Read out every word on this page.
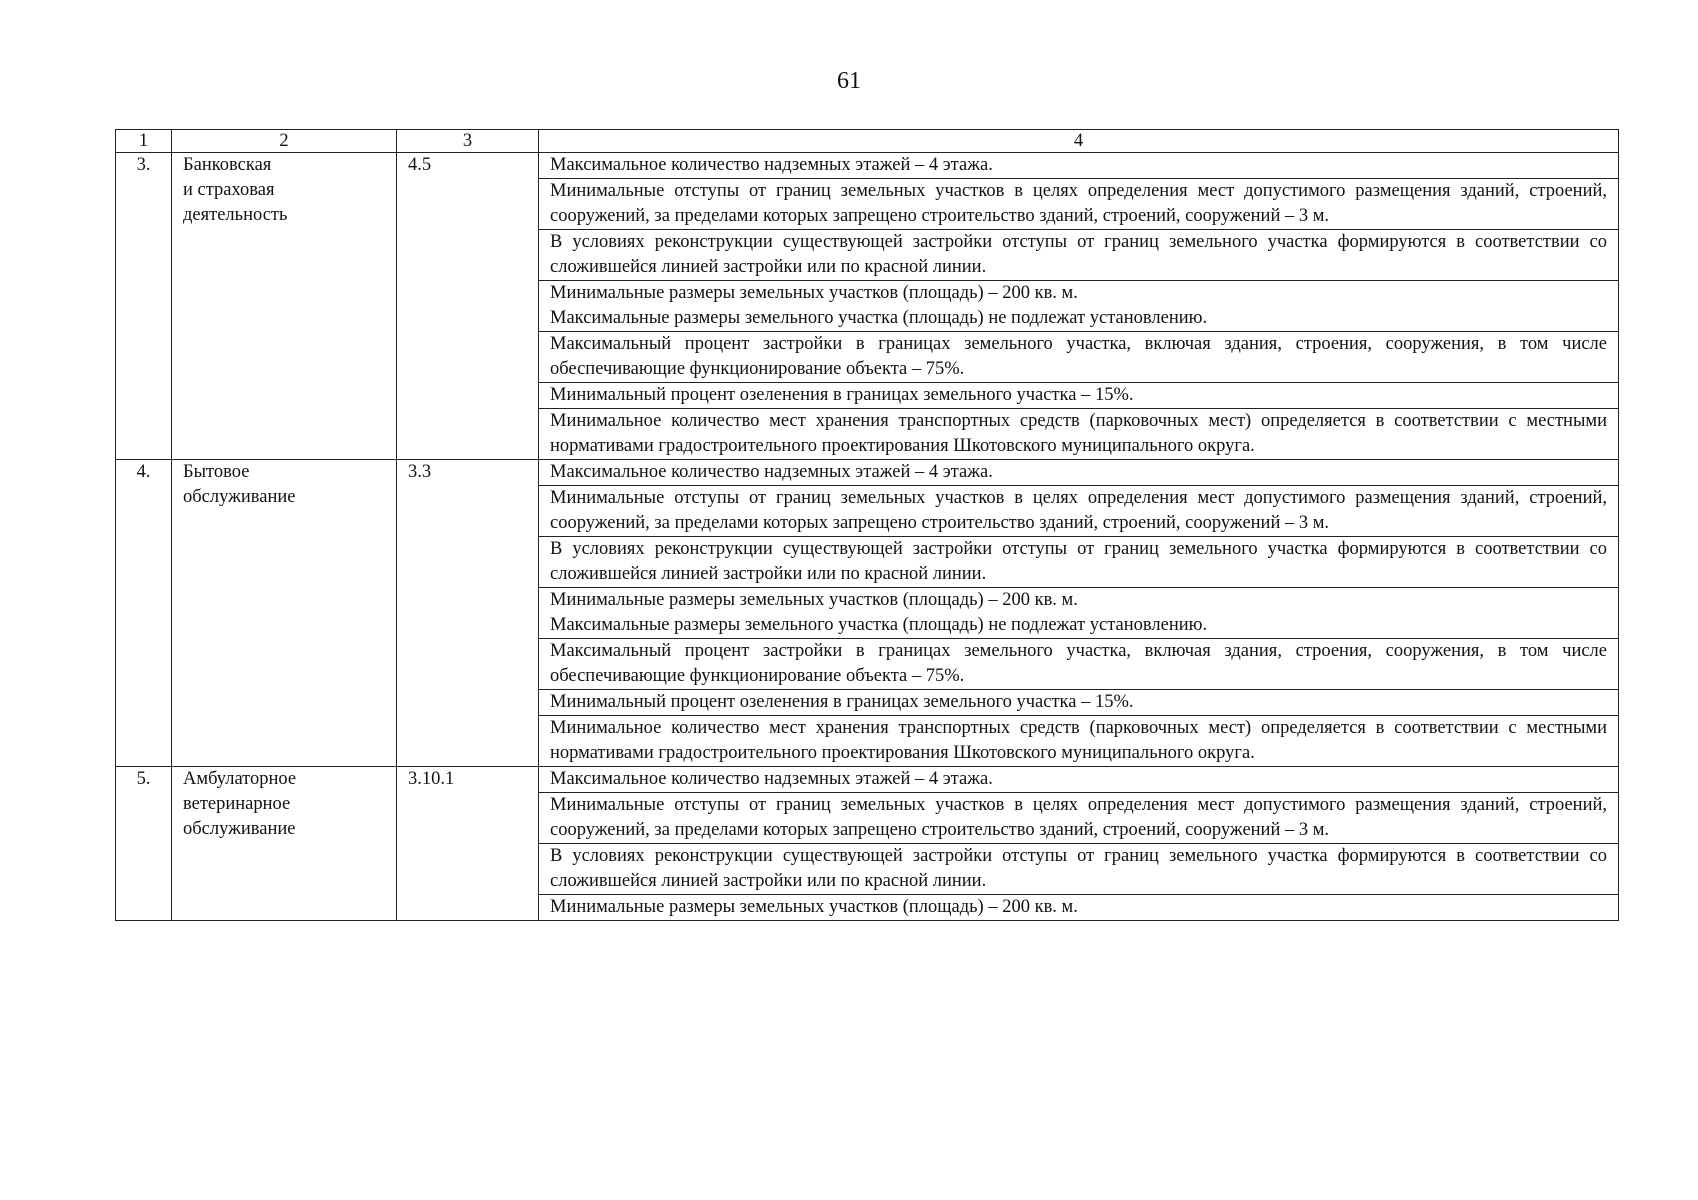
61
1	2	3	4
3.	Банковская
и страховая
деятельность	4.5	Максимальное количество надземных этажей – 4 этажа.

			Минимальные отступы от границ земельных участков в целях определения мест допустимого размещения зданий, строений, сооружений, за пределами которых запрещено строительство зданий, строений, сооружений – 3 м.

			В условиях реконструкции существующей застройки отступы от границ земельного участка формируются в соответствии со сложившейся линией застройки или по красной линии.

			Минимальные размеры земельных участков (площадь) – 200 кв. м.
Максимальные размеры земельного участка (площадь) не подлежат установлению.

			Максимальный процент застройки в границах земельного участка, включая здания, строения, сооружения, в том числе обеспечивающие функционирование объекта – 75%.

			Минимальный процент озеленения в границах земельного участка – 15%.

			Минимальное количество мест хранения транспортных средств (парковочных мест) определяется в соответствии с местными нормативами градостроительного проектирования Шкотовского муниципального округа.

4.	Бытовое
обслуживание	3.3	Максимальное количество надземных этажей – 4 этажа.

			Минимальные отступы от границ земельных участков в целях определения мест допустимого размещения зданий, строений, сооружений, за пределами которых запрещено строительство зданий, строений, сооружений – 3 м.

			В условиях реконструкции существующей застройки отступы от границ земельного участка формируются в соответствии со сложившейся линией застройки или по красной линии.

			Минимальные размеры земельных участков (площадь) – 200 кв. м.
Максимальные размеры земельного участка (площадь) не подлежат установлению.

			Максимальный процент застройки в границах земельного участка, включая здания, строения, сооружения, в том числе обеспечивающие функционирование объекта – 75%.

			Минимальный процент озеленения в границах земельного участка – 15%.

			Минимальное количество мест хранения транспортных средств (парковочных мест) определяется в соответствии с местными нормативами градостроительного проектирования Шкотовского муниципального округа.

5.	Амбулаторное
ветеринарное
обслуживание	3.10.1	Максимальное количество надземных этажей – 4 этажа.

			Минимальные отступы от границ земельных участков в целях определения мест допустимого размещения зданий, строений, сооружений, за пределами которых запрещено строительство зданий, строений, сооружений – 3 м.

			В условиях реконструкции существующей застройки отступы от границ земельного участка формируются в соответствии со сложившейся линией застройки или по красной линии.

			Минимальные размеры земельных участков (площадь) – 200 кв. м.
